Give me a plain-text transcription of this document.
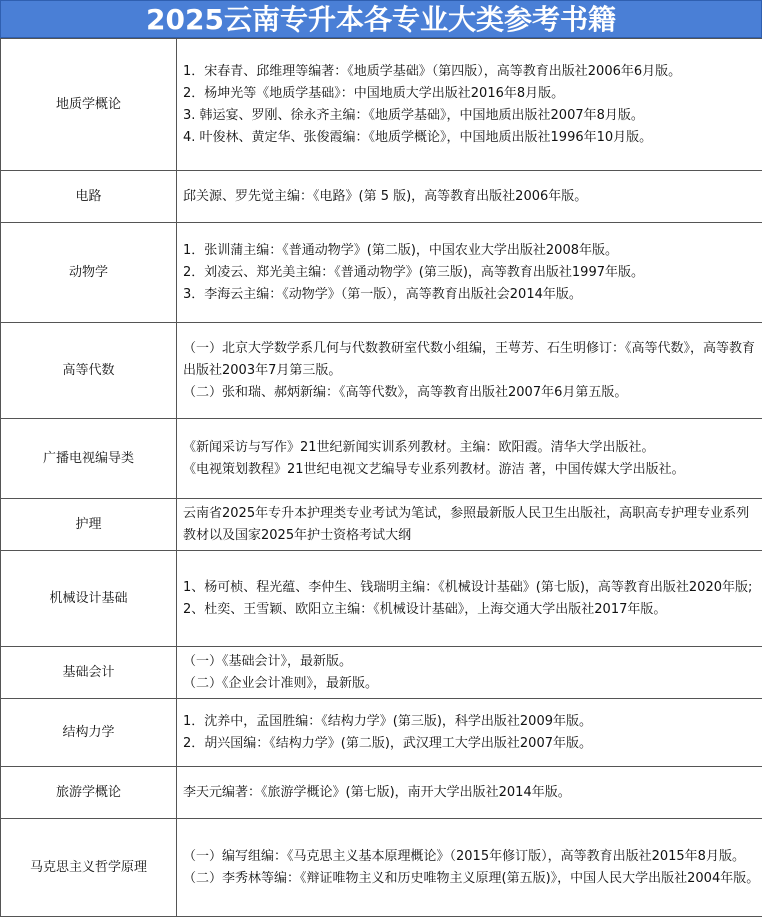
2025云南专升本各专业大类参考书籍
地质学概论	1．宋春青、邱维理等编著：《地质学基础》（第四版），高等教育出版社2006年6月版。
2．杨坤光等《地质学基础》：中国地质大学出版社2016年8月版。
3. 韩运宴、罗刚、徐永齐主编：《地质学基础》，中国地质出版社2007年8月版。
4. 叶俊林、黄定华、张俊霞编：《地质学概论》，中国地质出版社1996年10月版。

电路	邱关源、罗先觉主编：《电路》(第 5 版)，高等教育出版社2006年版。

动物学	1．张训蒲主编：《普通动物学》(第二版)，中国农业大学出版社2008年版。
2．刘凌云、郑光美主编：《普通动物学》(第三版)，高等教育出版社1997年版。
3．李海云主编：《动物学》（第一版），高等教育出版社会2014年版。

高等代数	（一）北京大学数学系几何与代数教研室代数小组编，王萼芳、石生明修订：《高等代数》，高等教育出版社2003年7月第三版。
（二）张和瑞、郝炳新编：《高等代数》，高等教育出版社2007年6月第五版。

广播电视编导类	《新闻采访与写作》21世纪新闻实训系列教材。主编：欧阳霞。清华大学出版社。
《电视策划教程》21世纪电视文艺编导专业系列教材。游洁 著，中国传媒大学出版社。

护理	云南省2025年专升本护理类专业考试为笔试，参照最新版人民卫生出版社，高职高专护理专业系列教材以及国家2025年护士资格考试大纲

机械设计基础	1、杨可桢、程光蕴、李仲生、钱瑞明主编：《机械设计基础》(第七版)，高等教育出版社2020年版;
2、杜奕、王雪颖、欧阳立主编：《机械设计基础》，上海交通大学出版社2017年版。

基础会计	（一）《基础会计》，最新版。
（二）《企业会计准则》，最新版。

结构力学	1．沈养中，孟国胜编：《结构力学》(第三版)，科学出版社2009年版。
2．胡兴国编：《结构力学》(第二版)，武汉理工大学出版社2007年版。

旅游学概论	李天元编著：《旅游学概论》(第七版)，南开大学出版社2014年版。

马克思主义哲学原理	（一）编写组编：《马克思主义基本原理概论》（2015年修订版），高等教育出版社2015年8月版。
（二）李秀林等编：《辩证唯物主义和历史唯物主义原理(第五版)》，中国人民大学出版社2004年版。
